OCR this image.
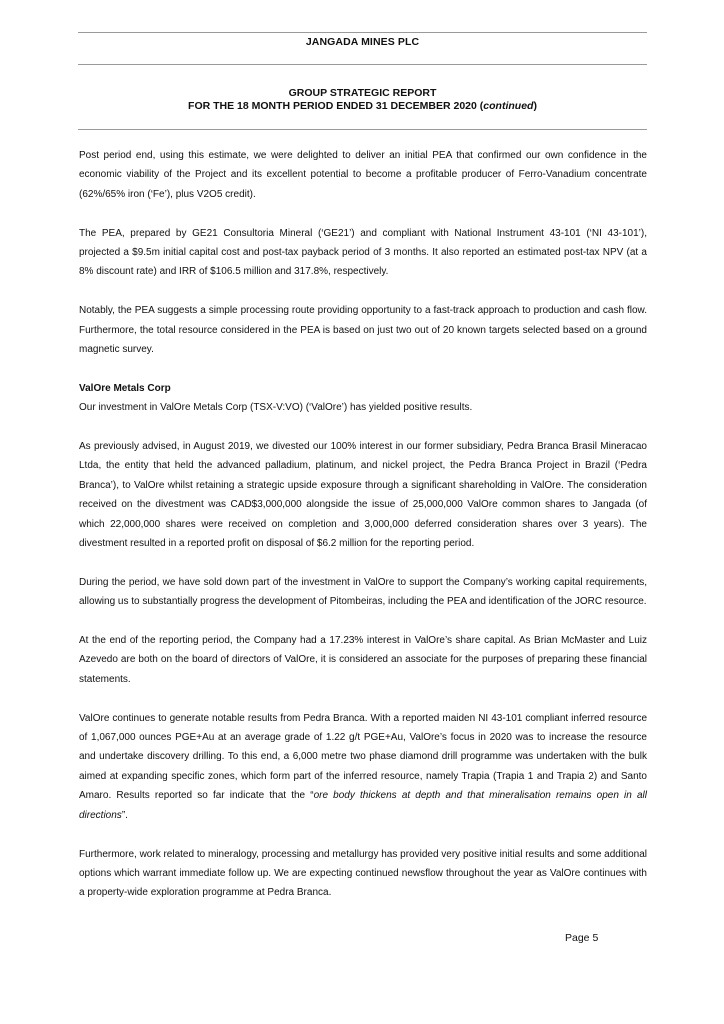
JANGADA MINES PLC
GROUP STRATEGIC REPORT
FOR THE 18 MONTH PERIOD ENDED 31 DECEMBER 2020 (continued)

Post period end, using this estimate, we were delighted to deliver an initial PEA that confirmed our own confidence in the economic viability of the Project and its excellent potential to become a profitable producer of Ferro-Vanadium concentrate (62%/65% iron (‘Fe’), plus V2O5 credit).

The PEA, prepared by GE21 Consultoria Mineral (‘GE21’) and compliant with National Instrument 43-101 (‘NI 43-101’), projected a $9.5m initial capital cost and post-tax payback period of 3 months. It also reported an estimated post-tax NPV (at a 8% discount rate) and IRR of $106.5 million and 317.8%, respectively.

Notably, the PEA suggests a simple processing route providing opportunity to a fast-track approach to production and cash flow. Furthermore, the total resource considered in the PEA is based on just two out of 20 known targets selected based on a ground magnetic survey.

ValOre Metals Corp

Our investment in ValOre Metals Corp (TSX-V:VO) (‘ValOre’) has yielded positive results.

As previously advised, in August 2019, we divested our 100% interest in our former subsidiary, Pedra Branca Brasil Mineracao Ltda, the entity that held the advanced palladium, platinum, and nickel project, the Pedra Branca Project in Brazil (‘Pedra Branca’), to ValOre whilst retaining a strategic upside exposure through a significant shareholding in ValOre. The consideration received on the divestment was CAD$3,000,000 alongside the issue of 25,000,000 ValOre common shares to Jangada (of which 22,000,000 shares were received on completion and 3,000,000 deferred consideration shares over 3 years). The divestment resulted in a reported profit on disposal of $6.2 million for the reporting period.

During the period, we have sold down part of the investment in ValOre to support the Company’s working capital requirements, allowing us to substantially progress the development of Pitombeiras, including the PEA and identification of the JORC resource.

At the end of the reporting period, the Company had a 17.23% interest in ValOre’s share capital. As Brian McMaster and Luiz Azevedo are both on the board of directors of ValOre, it is considered an associate for the purposes of preparing these financial statements.

ValOre continues to generate notable results from Pedra Branca. With a reported maiden NI 43-101 compliant inferred resource of 1,067,000 ounces PGE+Au at an average grade of 1.22 g/t PGE+Au, ValOre’s focus in 2020 was to increase the resource and undertake discovery drilling. To this end, a 6,000 metre two phase diamond drill programme was undertaken with the bulk aimed at expanding specific zones, which form part of the inferred resource, namely Trapia (Trapia 1 and Trapia 2) and Santo Amaro. Results reported so far indicate that the “ore body thickens at depth and that mineralisation remains open in all directions”.

Furthermore, work related to mineralogy, processing and metallurgy has provided very positive initial results and some additional options which warrant immediate follow up. We are expecting continued newsflow throughout the year as ValOre continues with a property-wide exploration programme at Pedra Branca.

Page 5
